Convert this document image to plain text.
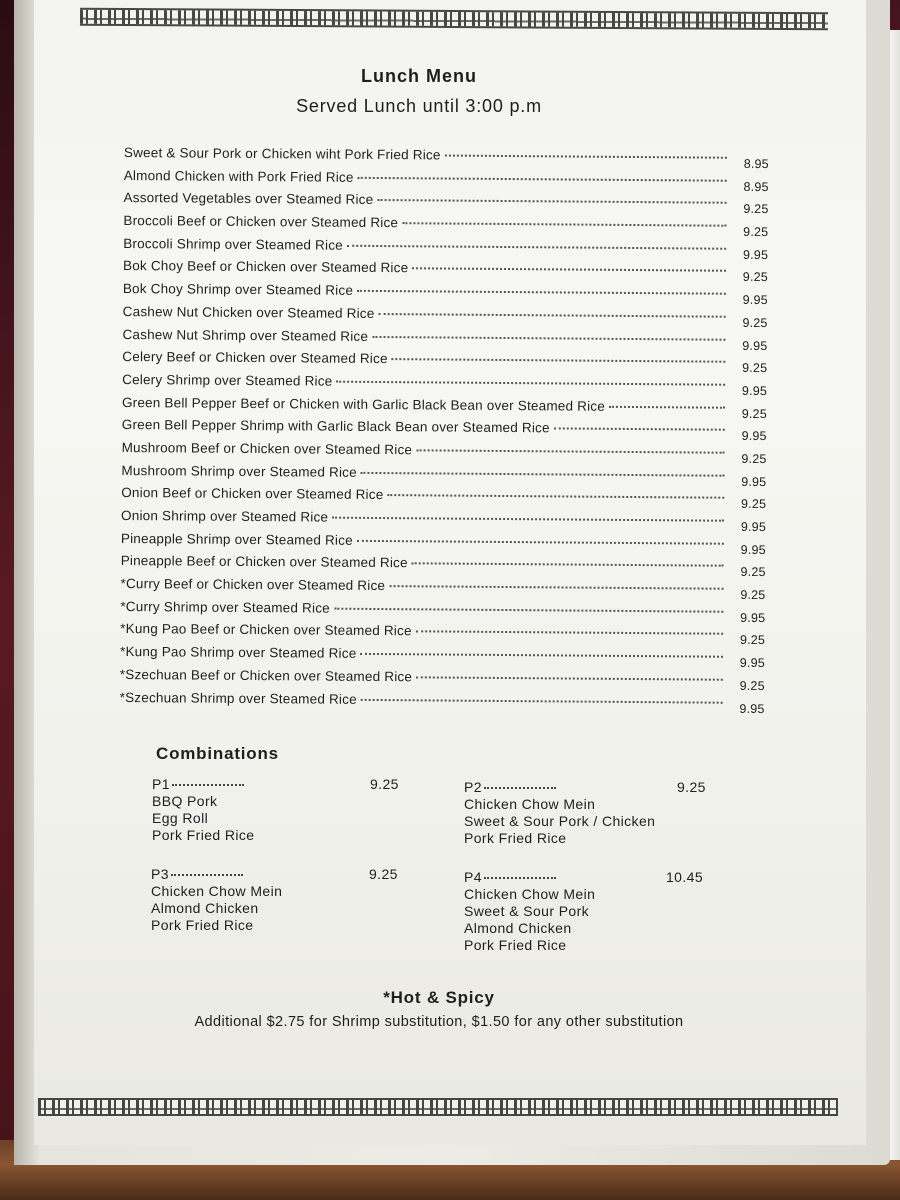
Lunch Menu
Served Lunch until 3:00 p.m
Sweet & Sour Pork or Chicken wiht Pork Fried Rice
8.95
Almond Chicken with Pork Fried Rice
8.95
Assorted Vegetables over Steamed Rice
9.25
Broccoli Beef or Chicken over Steamed Rice
9.25
Broccoli Shrimp over Steamed Rice
9.95
Bok Choy Beef or Chicken over Steamed Rice
9.25
Bok Choy Shrimp over Steamed Rice
9.95
Cashew Nut Chicken over Steamed Rice
9.25
Cashew Nut Shrimp over Steamed Rice
9.95
Celery Beef or Chicken over Steamed Rice
9.25
Celery Shrimp over Steamed Rice
9.95
Green Bell Pepper Beef or Chicken with Garlic Black Bean over Steamed Rice
9.25
Green Bell Pepper Shrimp with Garlic Black Bean over Steamed Rice
9.95
Mushroom Beef or Chicken over Steamed Rice
9.25
Mushroom Shrimp over Steamed Rice
9.95
Onion Beef or Chicken over Steamed Rice
9.25
Onion Shrimp over Steamed Rice
9.95
Pineapple Shrimp over Steamed Rice
9.95
Pineapple Beef or Chicken over Steamed Rice
9.25
*Curry Beef or Chicken over Steamed Rice
9.25
*Curry Shrimp over Steamed Rice
9.95
*Kung Pao Beef or Chicken over Steamed Rice
9.25
*Kung Pao Shrimp over Steamed Rice
9.95
*Szechuan Beef or Chicken over Steamed Rice
9.25
*Szechuan Shrimp over Steamed Rice
9.95
Combinations
P1	9.25
BBQ Pork
Egg Roll
Pork Fried Rice
P2	9.25
Chicken Chow Mein
Sweet & Sour Pork / Chicken
Pork Fried Rice
P3	9.25
Chicken Chow Mein
Almond Chicken
Pork Fried Rice
P4	10.45
Chicken Chow Mein
Sweet & Sour Pork
Almond Chicken
Pork Fried Rice
*Hot & Spicy
Additional $2.75 for Shrimp substitution, $1.50 for any other substitution
